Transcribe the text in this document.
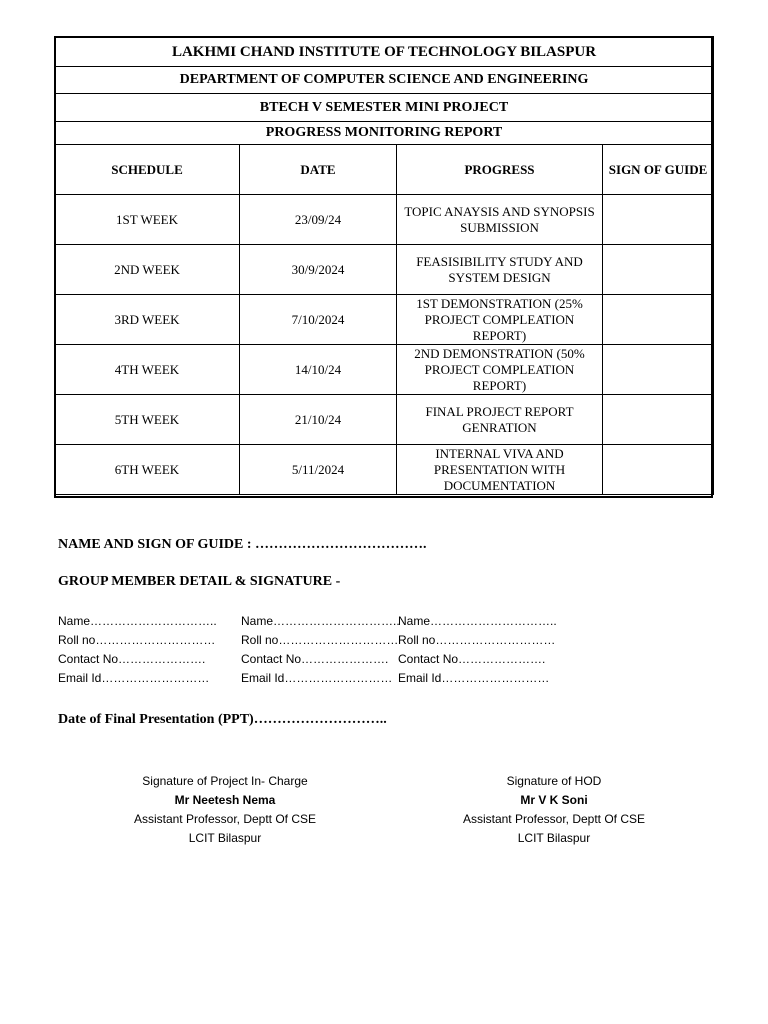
LAKHMI CHAND INSTITUTE OF TECHNOLOGY BILASPUR			
DEPARTMENT OF COMPUTER SCIENCE AND ENGINEERING			
BTECH V SEMESTER MINI PROJECT			
PROGRESS MONITORING REPORT			
SCHEDULE	DATE	PROGRESS	SIGN OF GUIDE
1ST WEEK	23/09/24	TOPIC ANAYSIS AND SYNOPSIS SUBMISSION	
2ND WEEK	30/9/2024	FEASISIBILITY STUDY AND SYSTEM DESIGN	
3RD WEEK	7/10/2024	1ST DEMONSTRATION (25% PROJECT COMPLEATION REPORT)	
4TH WEEK	14/10/24	2ND DEMONSTRATION (50% PROJECT COMPLEATION REPORT)	
5TH WEEK	21/10/24	FINAL PROJECT REPORT GENRATION	
6TH WEEK	5/11/2024	INTERNAL VIVA AND PRESENTATION WITH DOCUMENTATION	
NAME AND SIGN OF GUIDE : ……………………………….
GROUP MEMBER DETAIL & SIGNATURE -
Name…………………………..
Roll no…………………………
Contact No………………….
Email Id………………………
Name…………………………..
Roll no…………………………
Contact No………………….
Email Id………………………
Name…………………………..
Roll no…………………………
Contact No………………….
Email Id………………………
Date of Final Presentation (PPT)………………………..
Signature of Project In- Charge
Mr Neetesh Nema
Assistant Professor, Deptt Of CSE
LCIT Bilaspur
Signature of HOD
Mr V K Soni
Assistant Professor, Deptt Of CSE
LCIT Bilaspur
